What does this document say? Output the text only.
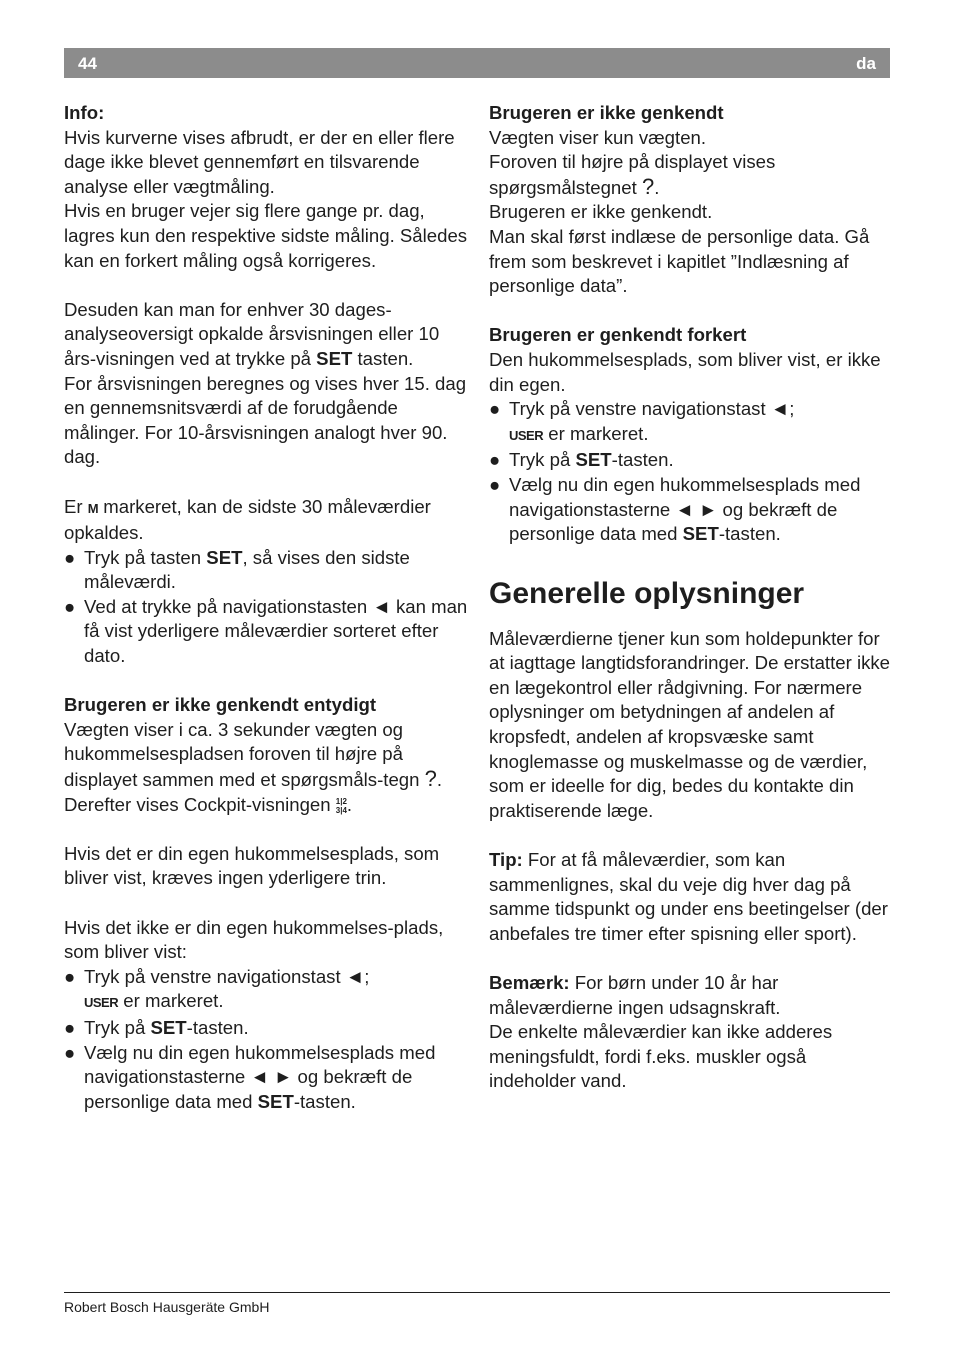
44	da

Info:

Hvis kurverne vises afbrudt, er der en eller flere dage ikke blevet gennemført en tilsvarende analyse eller vægtmåling.

Hvis en bruger vejer sig flere gange pr. dag, lagres kun den respektive sidste måling. Således kan en forkert måling også korrigeres.

Desuden kan man for enhver 30 dages-analyseoversigt opkalde årsvisningen eller 10 års-visningen ved at trykke på SET tasten.

For årsvisningen beregnes og vises hver 15. dag en gennemsnitsværdi af de forudgående målinger. For 10-årsvisningen analogt hver 90. dag.

Er M markeret, kan de sidste 30 måleværdier opkaldes.

● Tryk på tasten SET, så vises den sidste måleværdi.
● Ved at trykke på navigationstasten ◄ kan man få vist yderligere måleværdier sorteret efter dato.

Brugeren er ikke genkendt entydigt

Vægten viser i ca. 3 sekunder vægten og hukommelsespladsen foroven til højre på displayet sammen med et spørgsmåls-tegn ?. Derefter vises Cockpit-visningen 1|2
3|4.

Hvis det er din egen hukommelsesplads, som bliver vist, kræves ingen yderligere trin.

Hvis det ikke er din egen hukommelses-plads, som bliver vist:

● Tryk på venstre navigationstast ◄;
USER er markeret.
● Tryk på SET-tasten.
● Vælg nu din egen hukommelsesplads med navigationstasterne ◄ ► og bekræft de personlige data med SET-tasten.

Brugeren er ikke genkendt

Vægten viser kun vægten.

Foroven til højre på displayet vises spørgsmålstegnet ?.

Brugeren er ikke genkendt.

Man skal først indlæse de personlige data. Gå frem som beskrevet i kapitlet ”Indlæsning af personlige data”.

Brugeren er genkendt forkert

Den hukommelsesplads, som bliver vist, er ikke din egen.

● Tryk på venstre navigationstast ◄;
USER er markeret.
● Tryk på SET-tasten.
● Vælg nu din egen hukommelsesplads med navigationstasterne ◄ ► og bekræft de personlige data med SET-tasten.

Generelle oplysninger

Måleværdierne tjener kun som holdepunkter for at iagttage langtidsforandringer. De erstatter ikke en lægekontrol eller rådgivning. For nærmere oplysninger om betydningen af andelen af kropsfedt, andelen af kropsvæske samt knoglemasse og muskelmasse og de værdier, som er ideelle for dig, bedes du kontakte din praktiserende læge.

Tip: For at få måleværdier, som kan sammenlignes, skal du veje dig hver dag på samme tidspunkt og under ens beetingelser (der anbefales tre timer efter spisning eller sport).

Bemærk: For børn under 10 år har måleværdierne ingen udsagnskraft.

De enkelte måleværdier kan ikke adderes meningsfuldt, fordi f.eks. muskler også indeholder vand.

Robert Bosch Hausgeräte GmbH
